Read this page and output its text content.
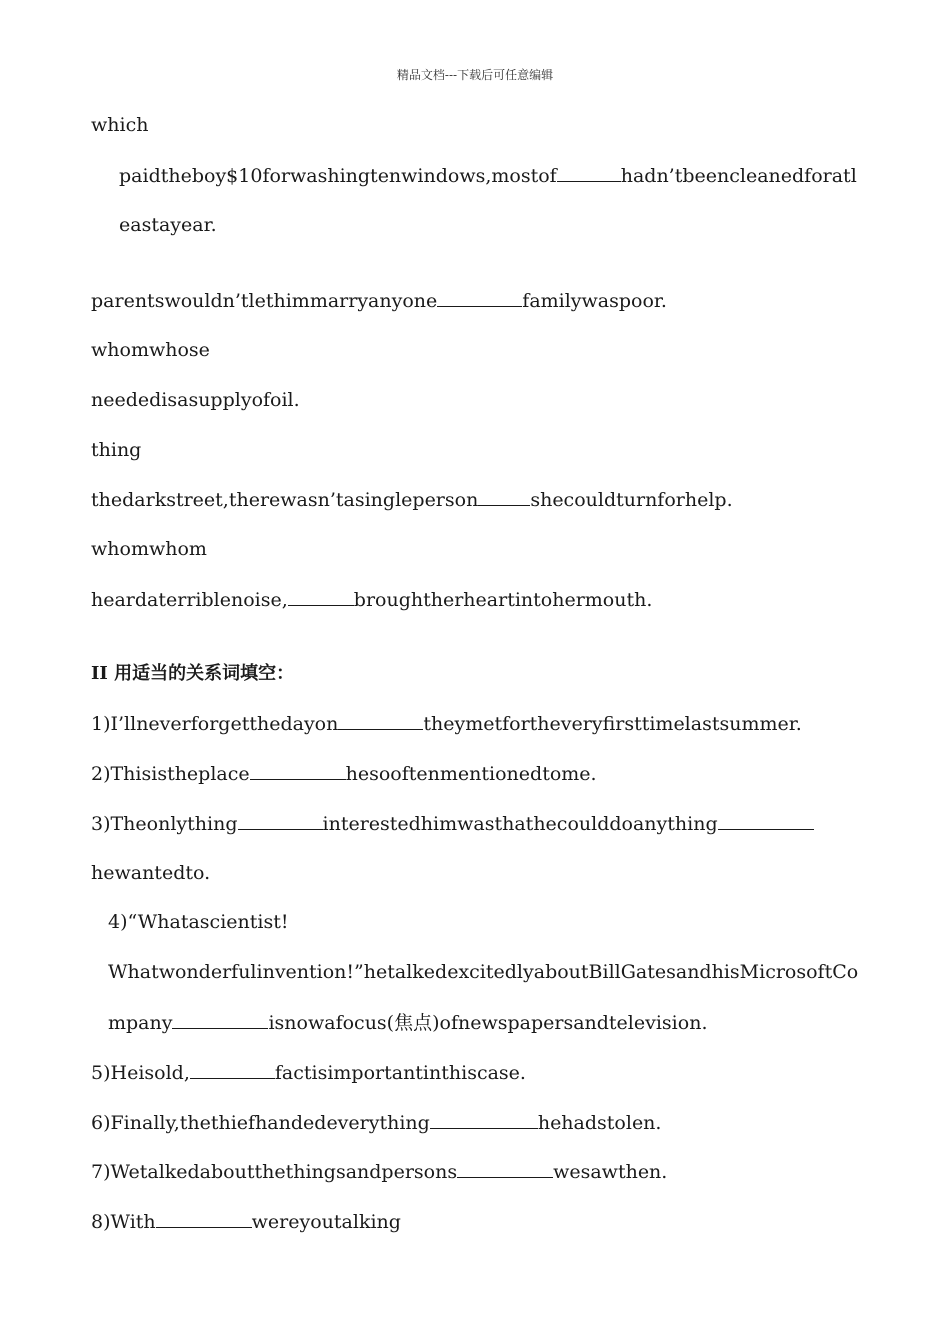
精品文档---下载后可任意编辑
which
paidtheboy$10forwashingtenwindows,mostof	hadn’tbeencleanedforatl
eastayear.
parentswouldn’tlethimmarryanyone	familywaspoor.
whomwhose
neededisasupplyofoil.
thing
thedarkstreet,therewasn’tasingleperson	shecouldturnforhelp.
whomwhom
heardaterriblenoise,	broughtherheartintohermouth.
II 用适当的关系词填空：
1)I’llneverforgetthedayon	theymetfortheveryfirsttimelastsummer.
2)Thisistheplace	hesooftenmentionedtome.
3)Theonlything	interestedhimwasthathecoulddoanything
hewantedto.
4)“Whatascientist!
Whatwonderfulinvention!”hetalkedexcitedlyaboutBillGatesandhisMicrosoftCo
mpany	isnowafocus(焦点)ofnewspapersandtelevision.
5)Heisold,	factisimportantinthiscase.
6)Finally,thethiefhandedeverything	hehadstolen.
7)Wetalkedaboutthethingsandpersons	wesawthen.
8)With	wereyoutalking
